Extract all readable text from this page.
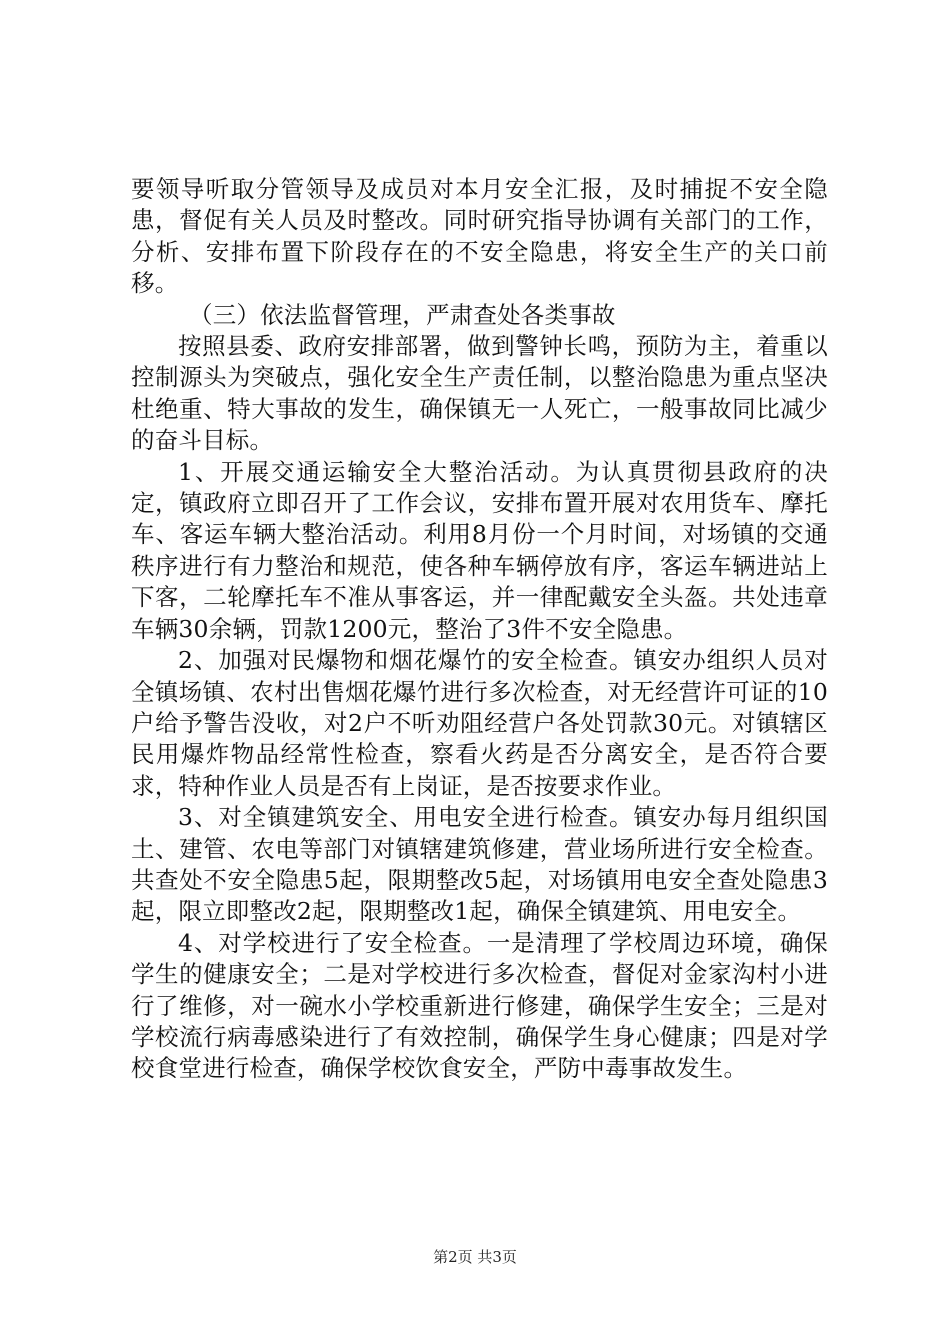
要领导听取分管领导及成员对本月安全汇报，及时捕捉不安全隐患，督促有关人员及时整改。同时研究指导协调有关部门的工作，分析、安排布置下阶段存在的不安全隐患，将安全生产的关口前移。

（三）依法监督管理，严肃查处各类事故

按照县委、政府安排部署，做到警钟长鸣，预防为主，着重以控制源头为突破点，强化安全生产责任制，以整治隐患为重点坚决杜绝重、特大事故的发生，确保镇无一人死亡，一般事故同比减少的奋斗目标。

1、开展交通运输安全大整治活动。为认真贯彻县政府的决定，镇政府立即召开了工作会议，安排布置开展对农用货车、摩托车、客运车辆大整治活动。利用8月份一个月时间，对场镇的交通秩序进行有力整治和规范，使各种车辆停放有序，客运车辆进站上下客，二轮摩托车不准从事客运，并一律配戴安全头盔。共处违章车辆30余辆，罚款1200元，整治了3件不安全隐患。

2、加强对民爆物和烟花爆竹的安全检查。镇安办组织人员对全镇场镇、农村出售烟花爆竹进行多次检查，对无经营许可证的10户给予警告没收，对2户不听劝阻经营户各处罚款30元。对镇辖区民用爆炸物品经常性检查，察看火药是否分离安全，是否符合要求，特种作业人员是否有上岗证，是否按要求作业。

3、对全镇建筑安全、用电安全进行检查。镇安办每月组织国土、建管、农电等部门对镇辖建筑修建，营业场所进行安全检查。共查处不安全隐患5起，限期整改5起，对场镇用电安全查处隐患3起，限立即整改2起，限期整改1起，确保全镇建筑、用电安全。

4、对学校进行了安全检查。一是清理了学校周边环境，确保学生的健康安全；二是对学校进行多次检查，督促对金家沟村小进行了维修，对一碗水小学校重新进行修建，确保学生安全；三是对学校流行病毒感染进行了有效控制，确保学生身心健康；四是对学校食堂进行检查，确保学校饮食安全，严防中毒事故发生。

第2页 共3页
